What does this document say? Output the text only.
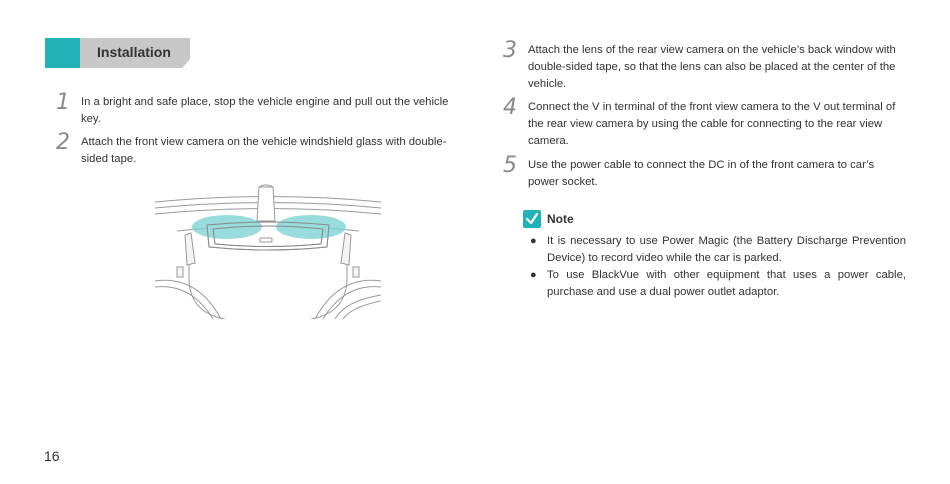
Installation
1 In a bright and safe place, stop the vehicle engine and pull out the vehicle key.
2 Attach the front view camera on the vehicle windshield glass with double-sided tape.
3 Attach the lens of the rear view camera on the vehicle’s back window with double-sided tape, so that the lens can also be placed at the center of the vehicle.
4 Connect the V in terminal of the front view camera to the V out terminal of the rear view camera by using the cable for connecting to the rear view camera.
5 Use the power cable to connect the DC in of the front camera to car’s power socket.
Note
● It is necessary to use Power Magic (the Battery Discharge Prevention Device) to record video while the car is parked.
● To use BlackVue with other equipment that uses a power cable, purchase and use a dual power outlet adaptor.
16
